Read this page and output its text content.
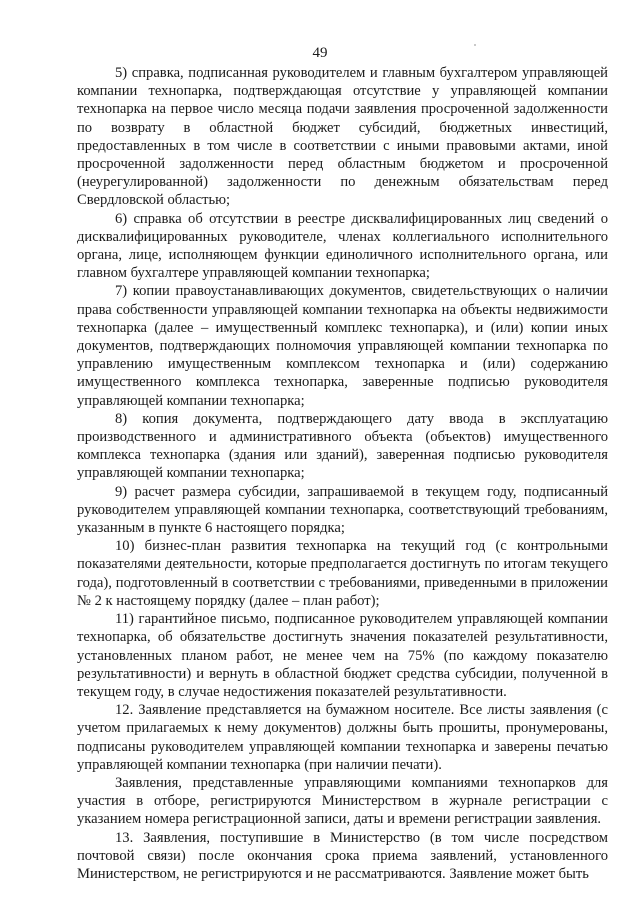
49

5) справка, подписанная руководителем и главным бухгалтером управляющей компании технопарка, подтверждающая отсутствие у управляющей компании технопарка на первое число месяца подачи заявления просроченной задолженности по возврату в областной бюджет субсидий, бюджетных инвестиций, предоставленных в том числе в соответствии с иными правовыми актами, иной просроченной задолженности перед областным бюджетом и просроченной (неурегулированной) задолженности по денежным обязательствам перед Свердловской областью;

6) справка об отсутствии в реестре дисквалифицированных лиц сведений о дисквалифицированных руководителе, членах коллегиального исполнительного органа, лице, исполняющем функции единоличного исполнительного органа, или главном бухгалтере управляющей компании технопарка;

7) копии правоустанавливающих документов, свидетельствующих о наличии права собственности управляющей компании технопарка на объекты недвижимости технопарка (далее – имущественный комплекс технопарка), и (или) копии иных документов, подтверждающих полномочия управляющей компании технопарка по управлению имущественным комплексом технопарка и (или) содержанию имущественного комплекса технопарка, заверенные подписью руководителя управляющей компании технопарка;

8) копия документа, подтверждающего дату ввода в эксплуатацию производственного и административного объекта (объектов) имущественного комплекса технопарка (здания или зданий), заверенная подписью руководителя управляющей компании технопарка;

9) расчет размера субсидии, запрашиваемой в текущем году, подписанный руководителем управляющей компании технопарка, соответствующий требованиям, указанным в пункте 6 настоящего порядка;

10) бизнес-план развития технопарка на текущий год (с контрольными показателями деятельности, которые предполагается достигнуть по итогам текущего года), подготовленный в соответствии с требованиями, приведенными в приложении № 2 к настоящему порядку (далее – план работ);

11) гарантийное письмо, подписанное руководителем управляющей компании технопарка, об обязательстве достигнуть значения показателей результативности, установленных планом работ, не менее чем на 75% (по каждому показателю результативности) и вернуть в областной бюджет средства субсидии, полученной в текущем году, в случае недостижения показателей результативности.

12. Заявление представляется на бумажном носителе. Все листы заявления (с учетом прилагаемых к нему документов) должны быть прошиты, пронумерованы, подписаны руководителем управляющей компании технопарка и заверены печатью управляющей компании технопарка (при наличии печати).

Заявления, представленные управляющими компаниями технопарков для участия в отборе, регистрируются Министерством в журнале регистрации с указанием номера регистрационной записи, даты и времени регистрации заявления.

13. Заявления, поступившие в Министерство (в том числе посредством почтовой связи) после окончания срока приема заявлений, установленного Министерством, не регистрируются и не рассматриваются. Заявление может быть
